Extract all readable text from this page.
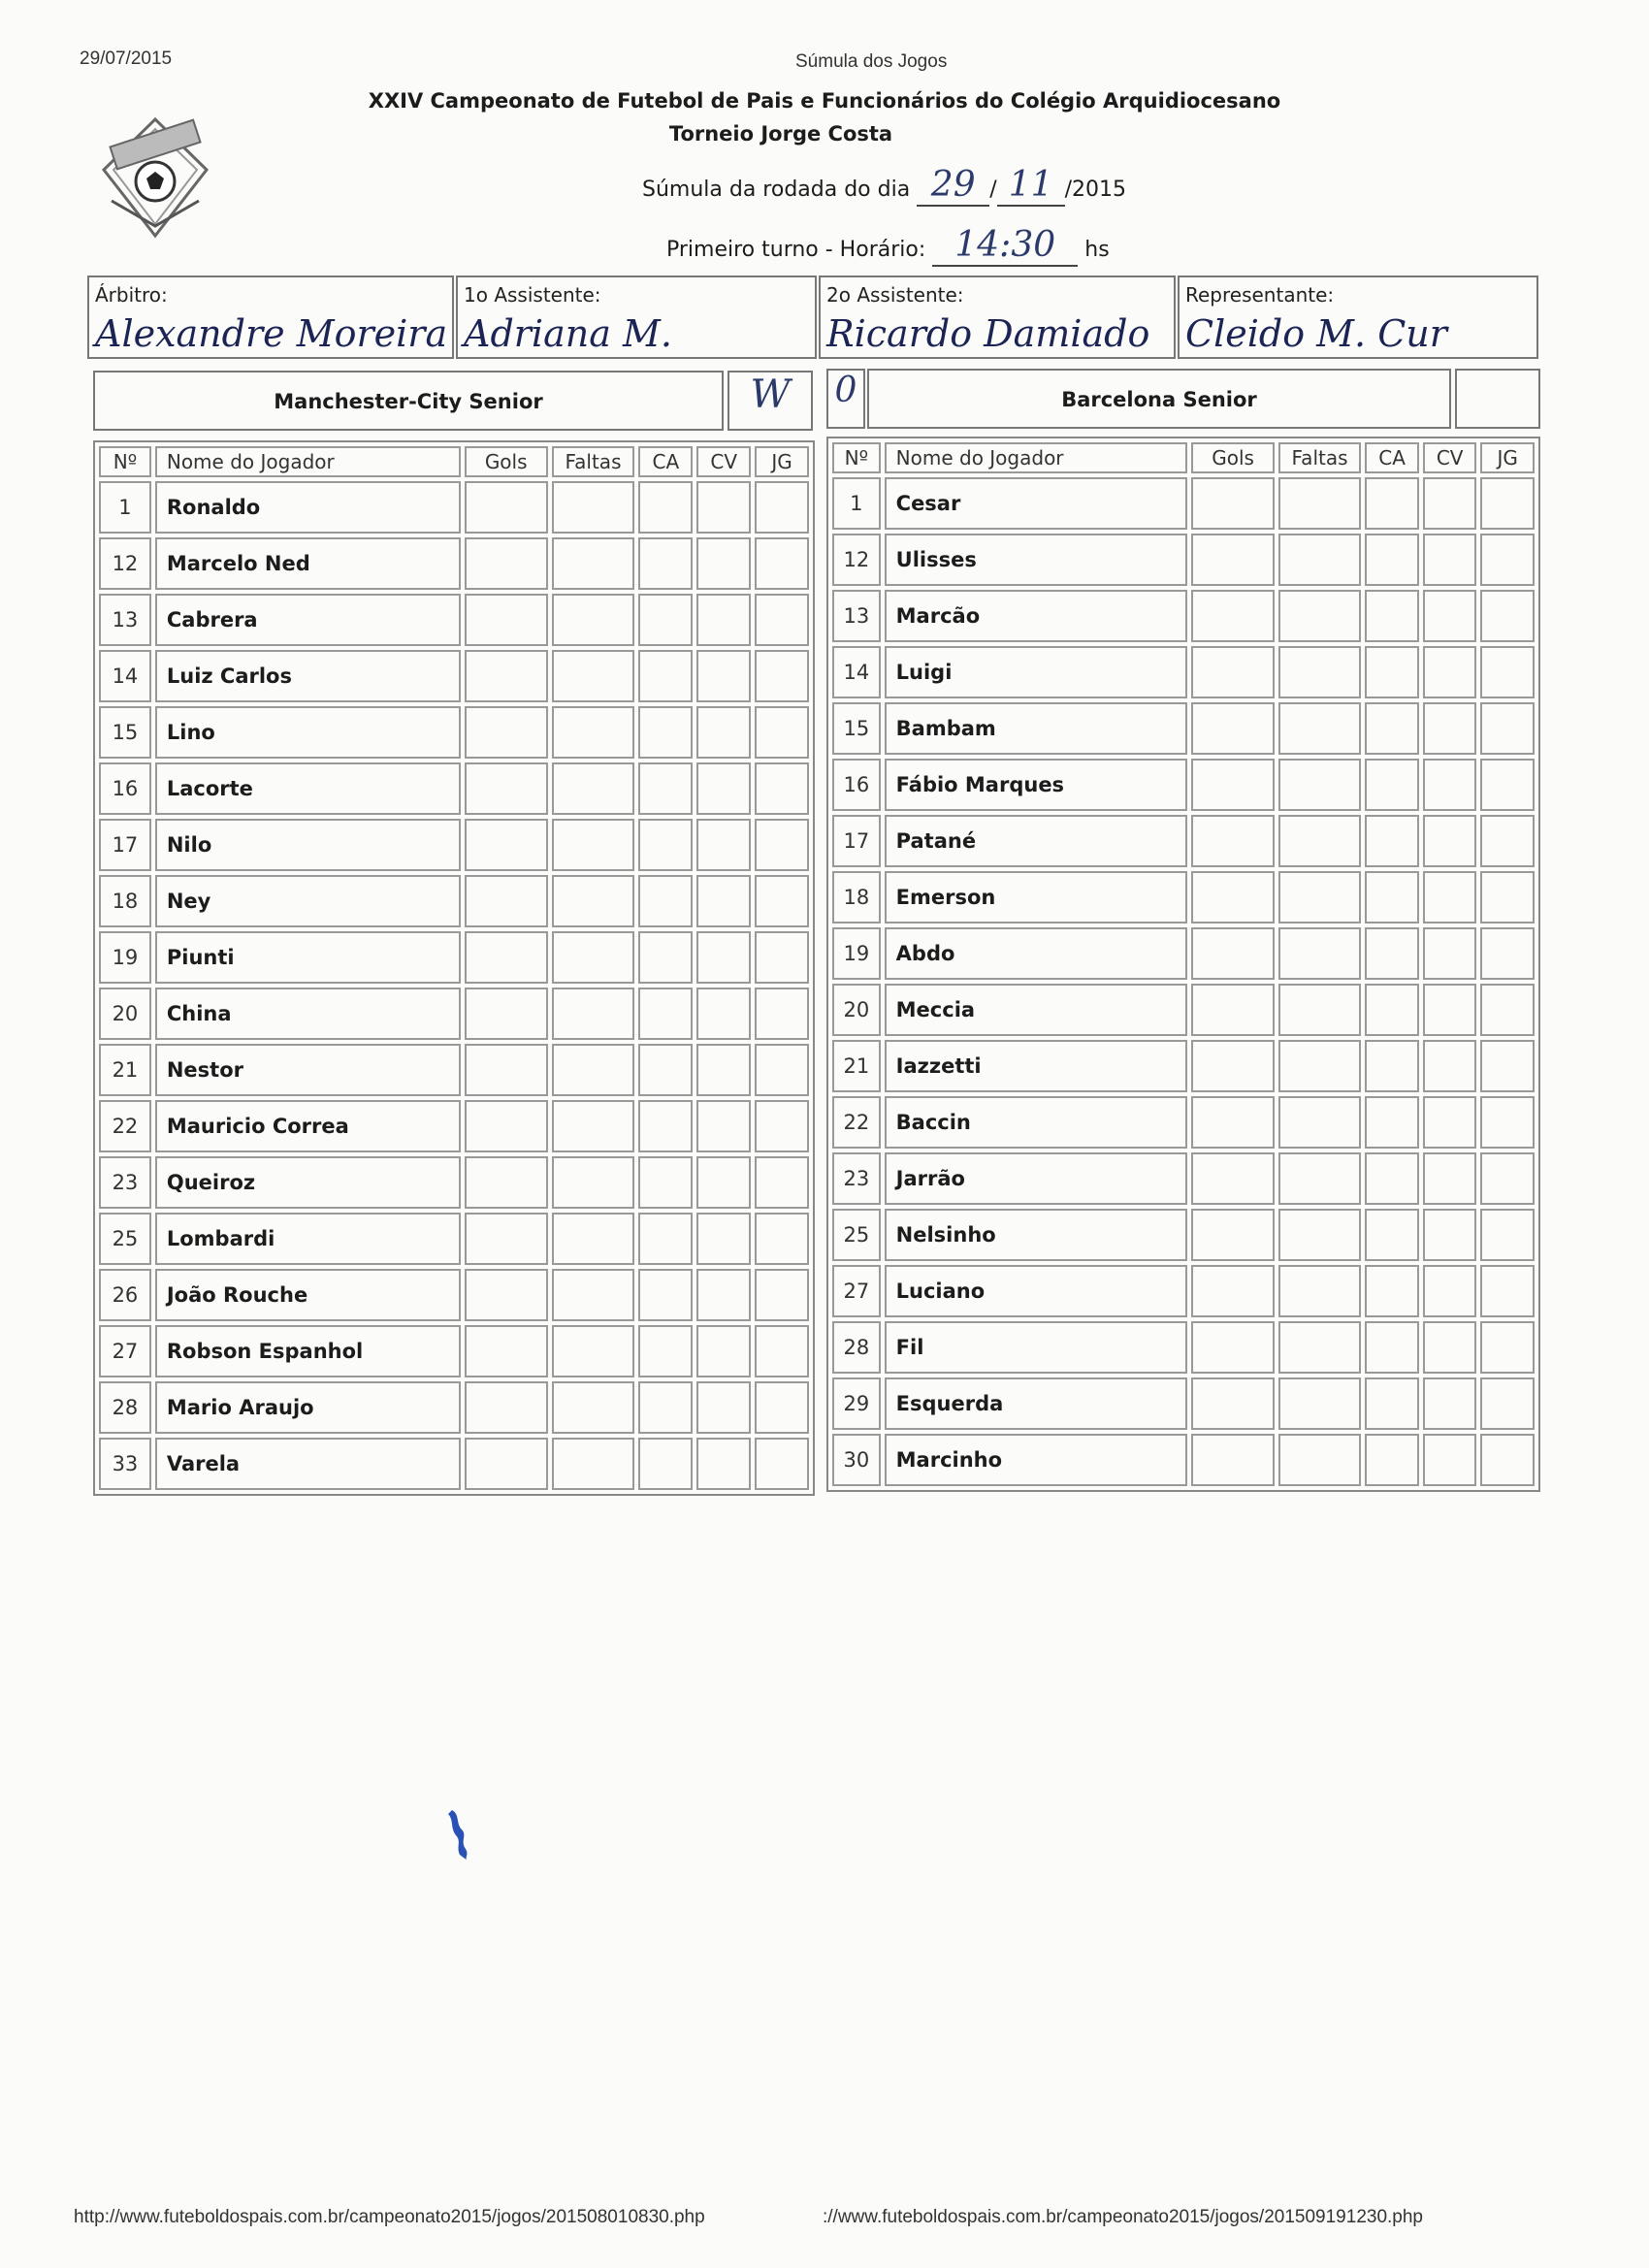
29/07/2015	Súmula dos Jogos
XXIV Campeonato de Futebol de Pais e Funcionários do Colégio Arquidiocesano
Torneio Jorge Costa
Súmula da rodada do dia 29 / 11 /2015
Primeiro turno - Horário: 14:30 hs
Árbitro:
Alexandre Moreira
1o Assistente:
Adriana M.
2o Assistente:
Ricardo Damiado
Representante:
Cleido M. Cur
Manchester-City Senior	W
Nº	Nome do Jogador	Gols	Faltas	CA	CV	JG
1	Ronaldo					
12	Marcelo Ned					
13	Cabrera					
14	Luiz Carlos					
15	Lino					
16	Lacorte					
17	Nilo					
18	Ney					
19	Piunti					
20	China					
21	Nestor					
22	Mauricio Correa					
23	Queiroz					
25	Lombardi					
26	João Rouche					
27	Robson Espanhol					
28	Mario Araujo					
33	Varela					
0	Barcelona Senior
Nº	Nome do Jogador	Gols	Faltas	CA	CV	JG
1	Cesar					
12	Ulisses					
13	Marcão					
14	Luigi					
15	Bambam					
16	Fábio Marques					
17	Patané					
18	Emerson					
19	Abdo					
20	Meccia					
21	Iazzetti					
22	Baccin					
23	Jarrão					
25	Nelsinho					
27	Luciano					
28	Fil					
29	Esquerda					
30	Marcinho					
http://www.futeboldospais.com.br/campeonato2015/jogos/201508010830.php	://www.futeboldospais.com.br/campeonato2015/jogos/201509191230.php
